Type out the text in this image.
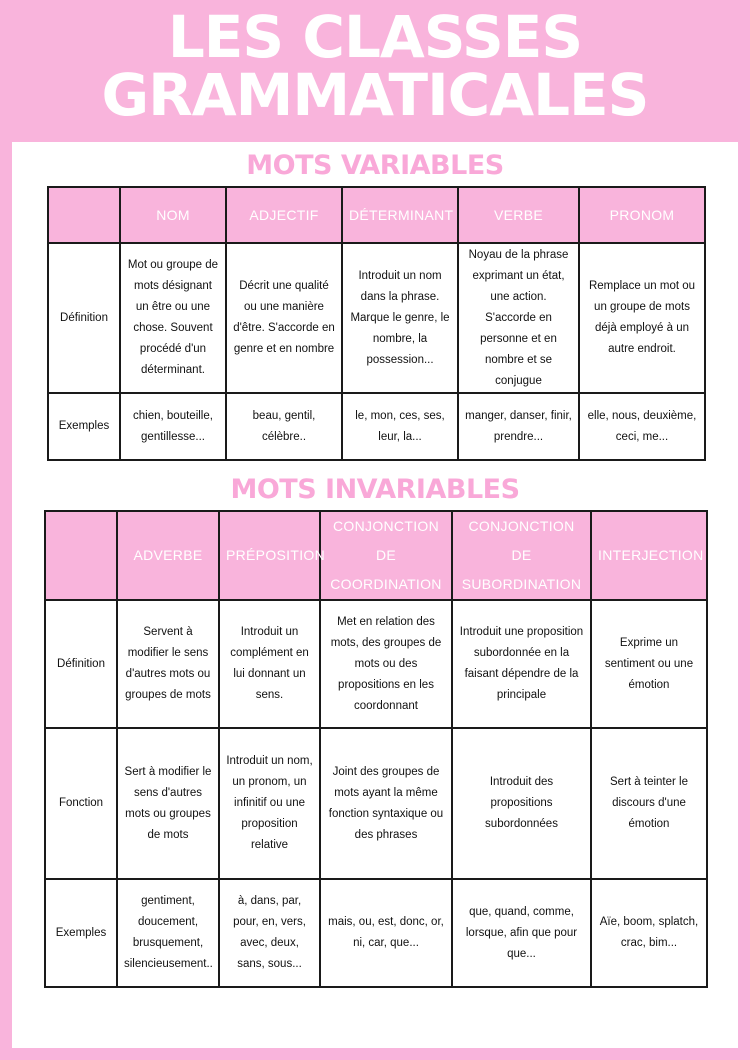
LES CLASSES
GRAMMATICALES
MOTS VARIABLES
	NOM	ADJECTIF	DÉTERMINANT	VERBE	PRONOM
Définition	Mot ou groupe de mots désignant un être ou une chose. Souvent procédé d'un déterminant.	Décrit une qualité ou une manière d'être. S'accorde en genre et en nombre	Introduit un nom dans la phrase. Marque le genre, le nombre, la possession...	Noyau de la phrase exprimant un état, une action. S'accorde en personne et en nombre et se conjugue	Remplace un mot ou un groupe de mots déjà employé à un autre endroit.
Exemples	chien, bouteille, gentillesse...	beau, gentil, célèbre..	le, mon, ces, ses, leur, la...	manger, danser, finir, prendre...	elle, nous, deuxième, ceci, me...
MOTS INVARIABLES
	ADVERBE	PRÉPOSITION	CONJONCTION DE COORDINATION	CONJONCTION DE SUBORDINATION	INTERJECTION
Définition	Servent à modifier le sens d'autres mots ou groupes de mots	Introduit un complément en lui donnant un sens.	Met en relation des mots, des groupes de mots ou des propositions en les coordonnant	Introduit une proposition subordonnée en la faisant dépendre de la principale	Exprime un sentiment ou une émotion
Fonction	Sert à modifier le sens d'autres mots ou groupes de mots	Introduit un nom, un pronom, un infinitif ou une proposition relative	Joint des groupes de mots ayant la même fonction syntaxique ou des phrases	Introduit des propositions subordonnées	Sert à teinter le discours d'une émotion
Exemples	gentiment, doucement, brusquement, silencieusement..	à, dans, par, pour, en, vers, avec, deux, sans, sous...	mais, ou, est, donc, or, ni, car, que...	que, quand, comme, lorsque, afin que pour que...	Aïe, boom, splatch, crac, bim...
